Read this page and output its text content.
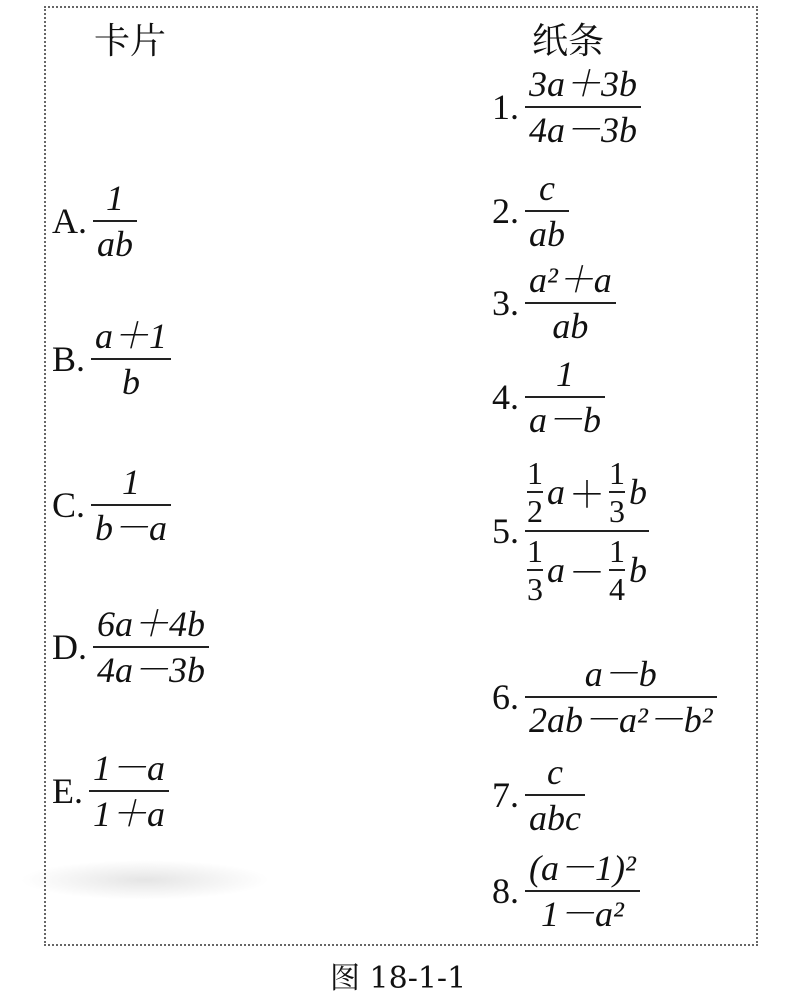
卡片	纸条
A. $\frac{1}{ab}$
B. $\frac{a+1}{b}$
C. $\frac{1}{b-a}$
D. $\frac{6a+4b}{4a-3b}$
E. $\frac{1-a}{1+a}$
1. $\frac{3a+3b}{4a-3b}$
2. $\frac{c}{ab}$
3. $\frac{\text{a²＋a}}{ab}$
4. $\frac{1}{a-b}$
5.
$\frac{1}{2}$ $a + \frac{1}{3}$ b
$\frac{1}{3}$ $a - \frac{1}{4}$ b
6. $\frac{a-b}{\text{2ab－a²－b²}}$
7. $\frac{c}{\text{abc}}$
8. $\frac{\text{(a－1)²}}{\text{1－a²}}$
图 18-1-1
